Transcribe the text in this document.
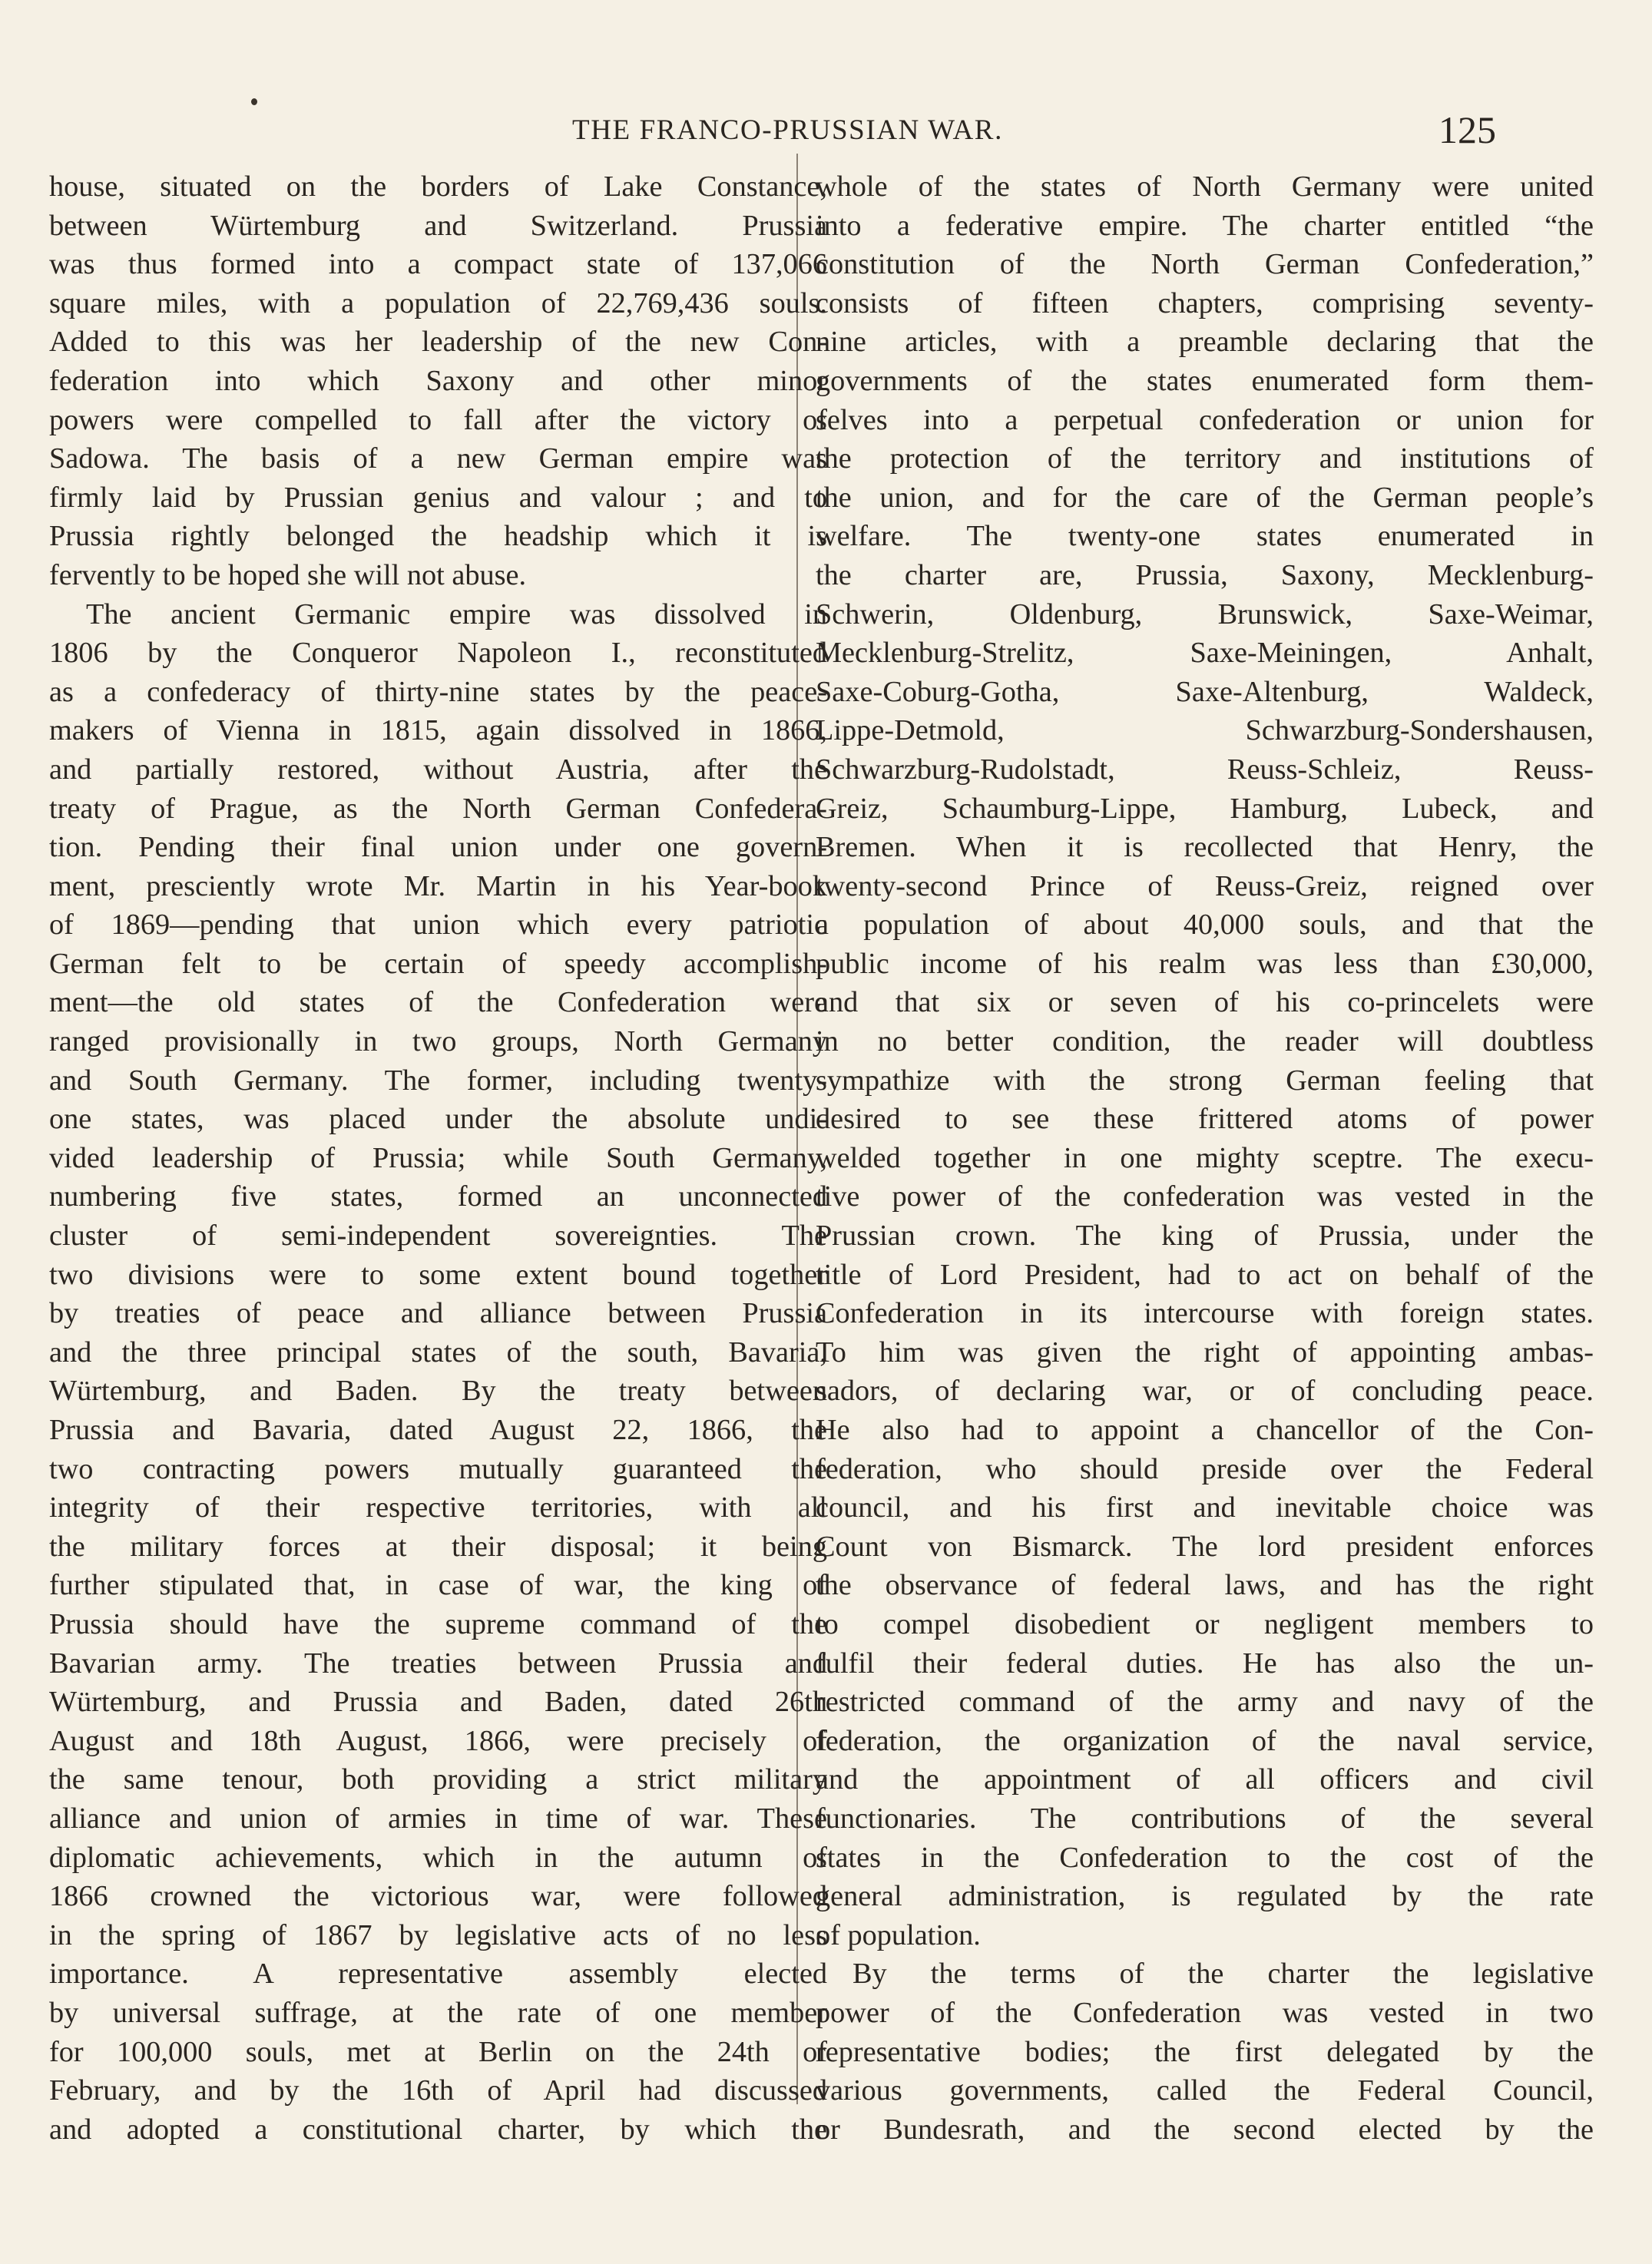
THE FRANCO-PRUSSIAN WAR.	125
house, situated on the borders of Lake Constance,
between Würtemburg and Switzerland. Prussia
was thus formed into a compact state of 137,066
square miles, with a population of 22,769,436 souls.
Added to this was her leadership of the new Con-
federation into which Saxony and other minor
powers were compelled to fall after the victory of
Sadowa. The basis of a new German empire was
firmly laid by Prussian genius and valour ; and to
Prussia rightly belonged the headship which it is
fervently to be hoped she will not abuse.
The ancient Germanic empire was dissolved in
1806 by the Conqueror Napoleon I., reconstituted
as a confederacy of thirty-nine states by the peace-
makers of Vienna in 1815, again dissolved in 1866,
and partially restored, without Austria, after the
treaty of Prague, as the North German Confedera-
tion. Pending their final union under one govern-
ment, presciently wrote Mr. Martin in his Year-book
of 1869—pending that union which every patriotic
German felt to be certain of speedy accomplish-
ment—the old states of the Confederation were
ranged provisionally in two groups, North Germany
and South Germany. The former, including twenty-
one states, was placed under the absolute undi-
vided leadership of Prussia; while South Germany,
numbering five states, formed an unconnected
cluster of semi-independent sovereignties. The
two divisions were to some extent bound together
by treaties of peace and alliance between Prussia
and the three principal states of the south, Bavaria,
Würtemburg, and Baden. By the treaty between
Prussia and Bavaria, dated August 22, 1866, the
two contracting powers mutually guaranteed the
integrity of their respective territories, with all
the military forces at their disposal; it being
further stipulated that, in case of war, the king of
Prussia should have the supreme command of the
Bavarian army. The treaties between Prussia and
Würtemburg, and Prussia and Baden, dated 26th
August and 18th August, 1866, were precisely of
the same tenour, both providing a strict military
alliance and union of armies in time of war. These
diplomatic achievements, which in the autumn of
1866 crowned the victorious war, were followed
in the spring of 1867 by legislative acts of no less
importance. A representative assembly elected
by universal suffrage, at the rate of one member
for 100,000 souls, met at Berlin on the 24th of
February, and by the 16th of April had discussed
and adopted a constitutional charter, by which the
whole of the states of North Germany were united
into a federative empire. The charter entitled “the
constitution of the North German Confederation,”
consists of fifteen chapters, comprising seventy-
nine articles, with a preamble declaring that the
governments of the states enumerated form them-
selves into a perpetual confederation or union for
the protection of the territory and institutions of
the union, and for the care of the German people’s
welfare. The twenty-one states enumerated in
the charter are, Prussia, Saxony, Mecklenburg-
Schwerin, Oldenburg, Brunswick, Saxe-Weimar,
Mecklenburg-Strelitz, Saxe-Meiningen, Anhalt,
Saxe-Coburg-Gotha, Saxe-Altenburg, Waldeck,
Lippe-Detmold, Schwarzburg-Sondershausen,
Schwarzburg-Rudolstadt, Reuss-Schleiz, Reuss-
Greiz, Schaumburg-Lippe, Hamburg, Lubeck, and
Bremen. When it is recollected that Henry, the
twenty-second Prince of Reuss-Greiz, reigned over
a population of about 40,000 souls, and that the
public income of his realm was less than £30,000,
and that six or seven of his co-princelets were
in no better condition, the reader will doubtless
sympathize with the strong German feeling that
desired to see these frittered atoms of power
welded together in one mighty sceptre. The execu-
tive power of the confederation was vested in the
Prussian crown. The king of Prussia, under the
title of Lord President, had to act on behalf of the
Confederation in its intercourse with foreign states.
To him was given the right of appointing ambas-
sadors, of declaring war, or of concluding peace.
He also had to appoint a chancellor of the Con-
federation, who should preside over the Federal
council, and his first and inevitable choice was
Count von Bismarck. The lord president enforces
the observance of federal laws, and has the right
to compel disobedient or negligent members to
fulfil their federal duties. He has also the un-
restricted command of the army and navy of the
federation, the organization of the naval service,
and the appointment of all officers and civil
functionaries. The contributions of the several
states in the Confederation to the cost of the
general administration, is regulated by the rate
of population.
By the terms of the charter the legislative
power of the Confederation was vested in two
representative bodies; the first delegated by the
various governments, called the Federal Council,
or Bundesrath, and the second elected by the
